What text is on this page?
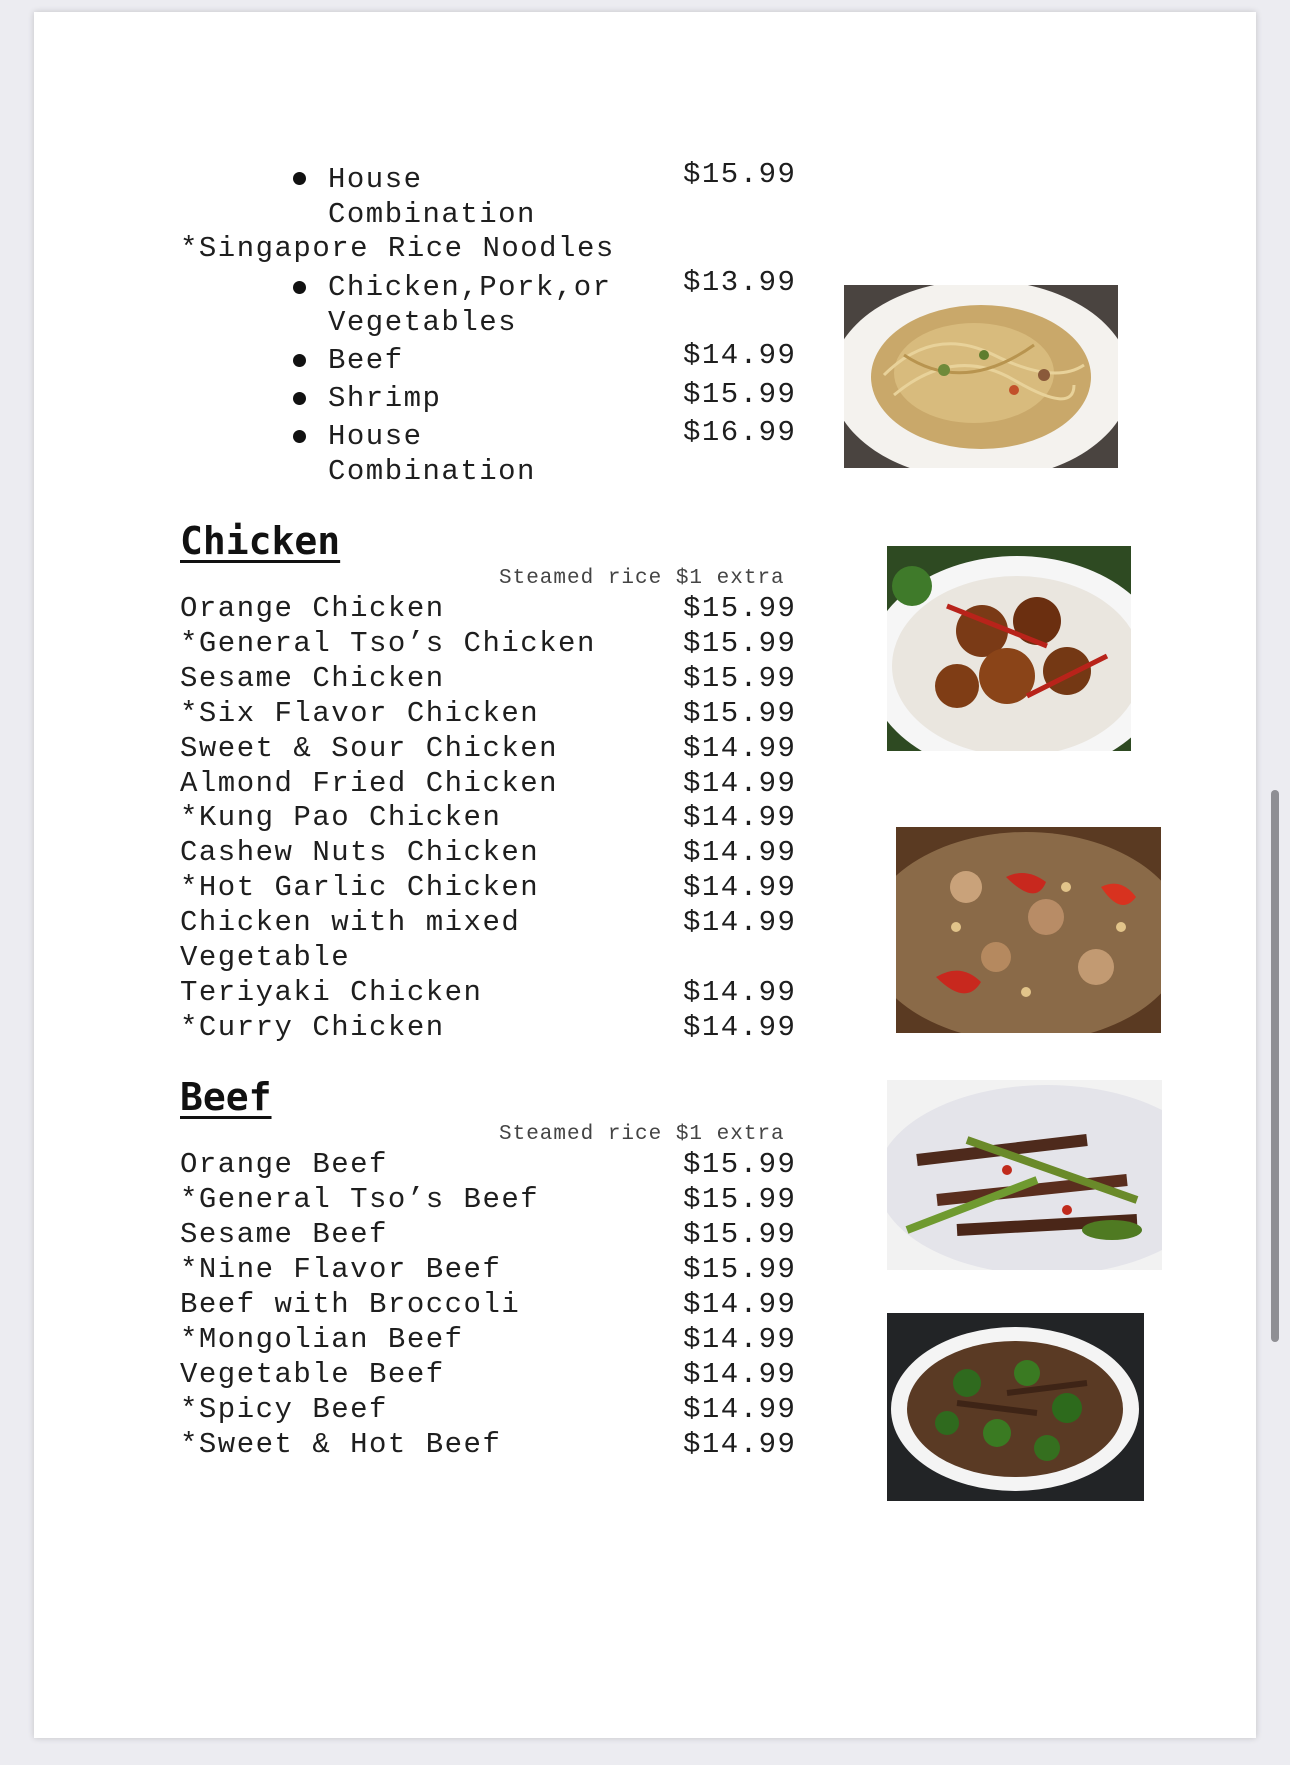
House
Combination
$15.99
*Singapore Rice Noodles
Chicken,Pork,or
Vegetables
$13.99
Beef	$14.99
Shrimp	$15.99
House
Combination
$16.99
Chicken
Steamed rice $1 extra
Orange Chicken	$15.99
*General Tso’s Chicken	$15.99
Sesame Chicken	$15.99
*Six Flavor Chicken	$15.99
Sweet & Sour Chicken	$14.99
Almond Fried Chicken	$14.99
*Kung Pao Chicken	$14.99
Cashew Nuts Chicken	$14.99
*Hot Garlic Chicken	$14.99
Chicken with mixed
Vegetable
$14.99
Teriyaki Chicken	$14.99
*Curry Chicken	$14.99
Beef
Steamed rice $1 extra
Orange Beef	$15.99
*General Tso’s Beef	$15.99
Sesame Beef	$15.99
*Nine Flavor Beef	$15.99
Beef with Broccoli	$14.99
*Mongolian Beef	$14.99
Vegetable Beef	$14.99
*Spicy Beef	$14.99
*Sweet & Hot Beef	$14.99
